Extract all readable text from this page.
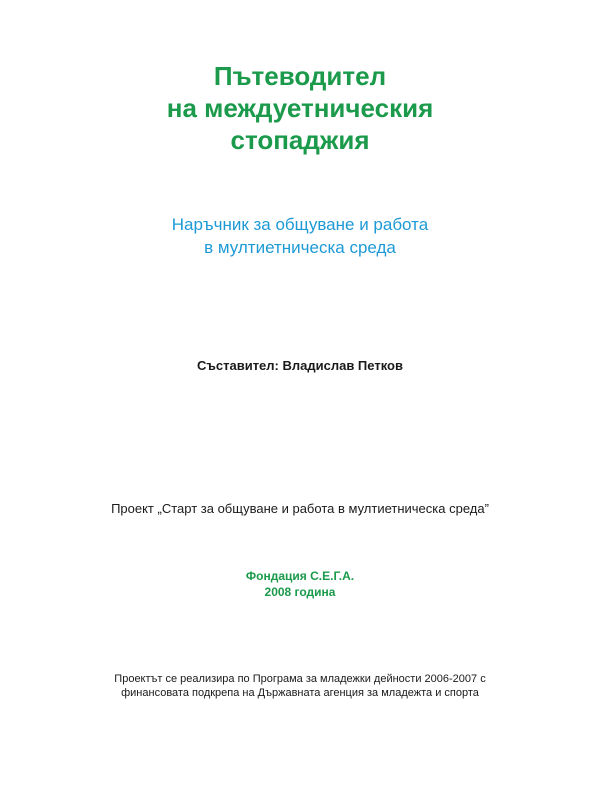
Пътеводител
на междуетническия
стопаджия
Наръчник за общуване и работа
в мултиетническа среда
Съставител: Владислав Петков
Проект „Старт за общуване и работа в мултиетническа среда”
Фондация С.Е.Г.А.
2008 година
Проектът се реализира по Програма за младежки дейности 2006-2007 с
финансовата подкрепа на Държавната агенция за младежта и спорта
